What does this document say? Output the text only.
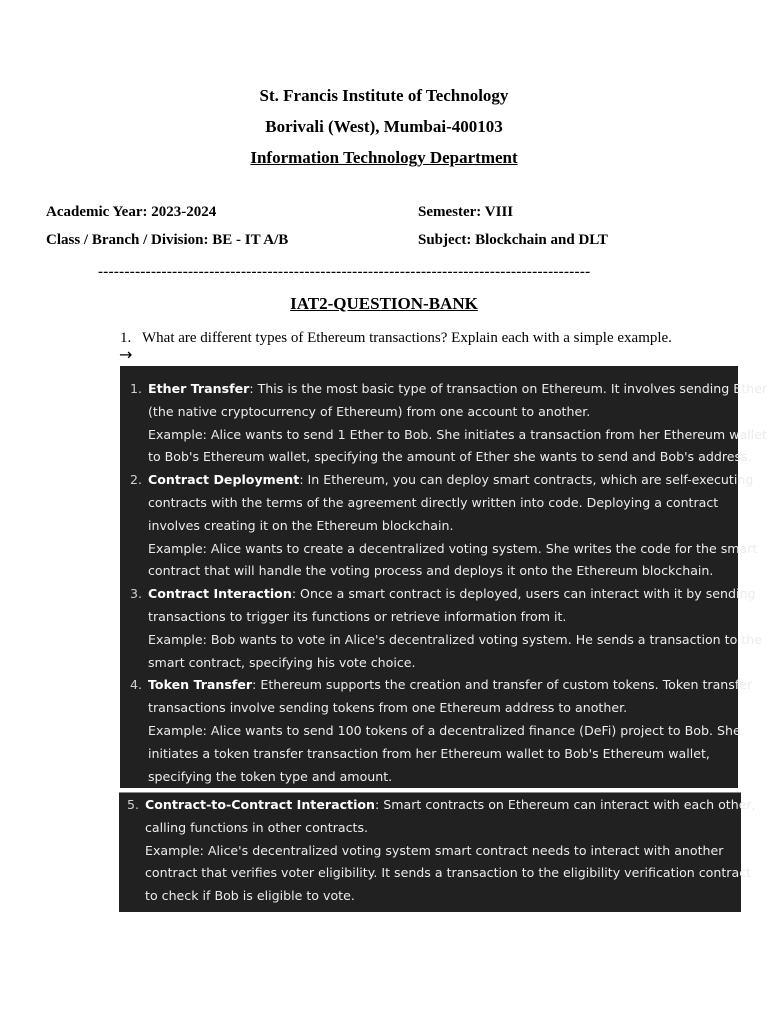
St. Francis Institute of Technology
Borivali (West), Mumbai-400103
Information Technology Department
Academic Year: 2023-2024	Semester: VIII
Class / Branch / Division: BE - IT A/B	Subject: Blockchain and DLT
---------------------------------------------------------------------------------------------
IAT2-QUESTION-BANK
1. What are different types of Ethereum transactions? Explain each with a simple example.
→
1. Ether Transfer: This is the most basic type of transaction on Ethereum. It involves sending Ether
(the native cryptocurrency of Ethereum) from one account to another.
Example: Alice wants to send 1 Ether to Bob. She initiates a transaction from her Ethereum wallet
to Bob's Ethereum wallet, specifying the amount of Ether she wants to send and Bob's address.
2. Contract Deployment: In Ethereum, you can deploy smart contracts, which are self-executing
contracts with the terms of the agreement directly written into code. Deploying a contract
involves creating it on the Ethereum blockchain.
Example: Alice wants to create a decentralized voting system. She writes the code for the smart
contract that will handle the voting process and deploys it onto the Ethereum blockchain.
3. Contract Interaction: Once a smart contract is deployed, users can interact with it by sending
transactions to trigger its functions or retrieve information from it.
Example: Bob wants to vote in Alice's decentralized voting system. He sends a transaction to the
smart contract, specifying his vote choice.
4. Token Transfer: Ethereum supports the creation and transfer of custom tokens. Token transfer
transactions involve sending tokens from one Ethereum address to another.
Example: Alice wants to send 100 tokens of a decentralized finance (DeFi) project to Bob. She
initiates a token transfer transaction from her Ethereum wallet to Bob's Ethereum wallet,
specifying the token type and amount.
5. Contract-to-Contract Interaction: Smart contracts on Ethereum can interact with each other,
calling functions in other contracts.
Example: Alice's decentralized voting system smart contract needs to interact with another
contract that verifies voter eligibility. It sends a transaction to the eligibility verification contract
to check if Bob is eligible to vote.
